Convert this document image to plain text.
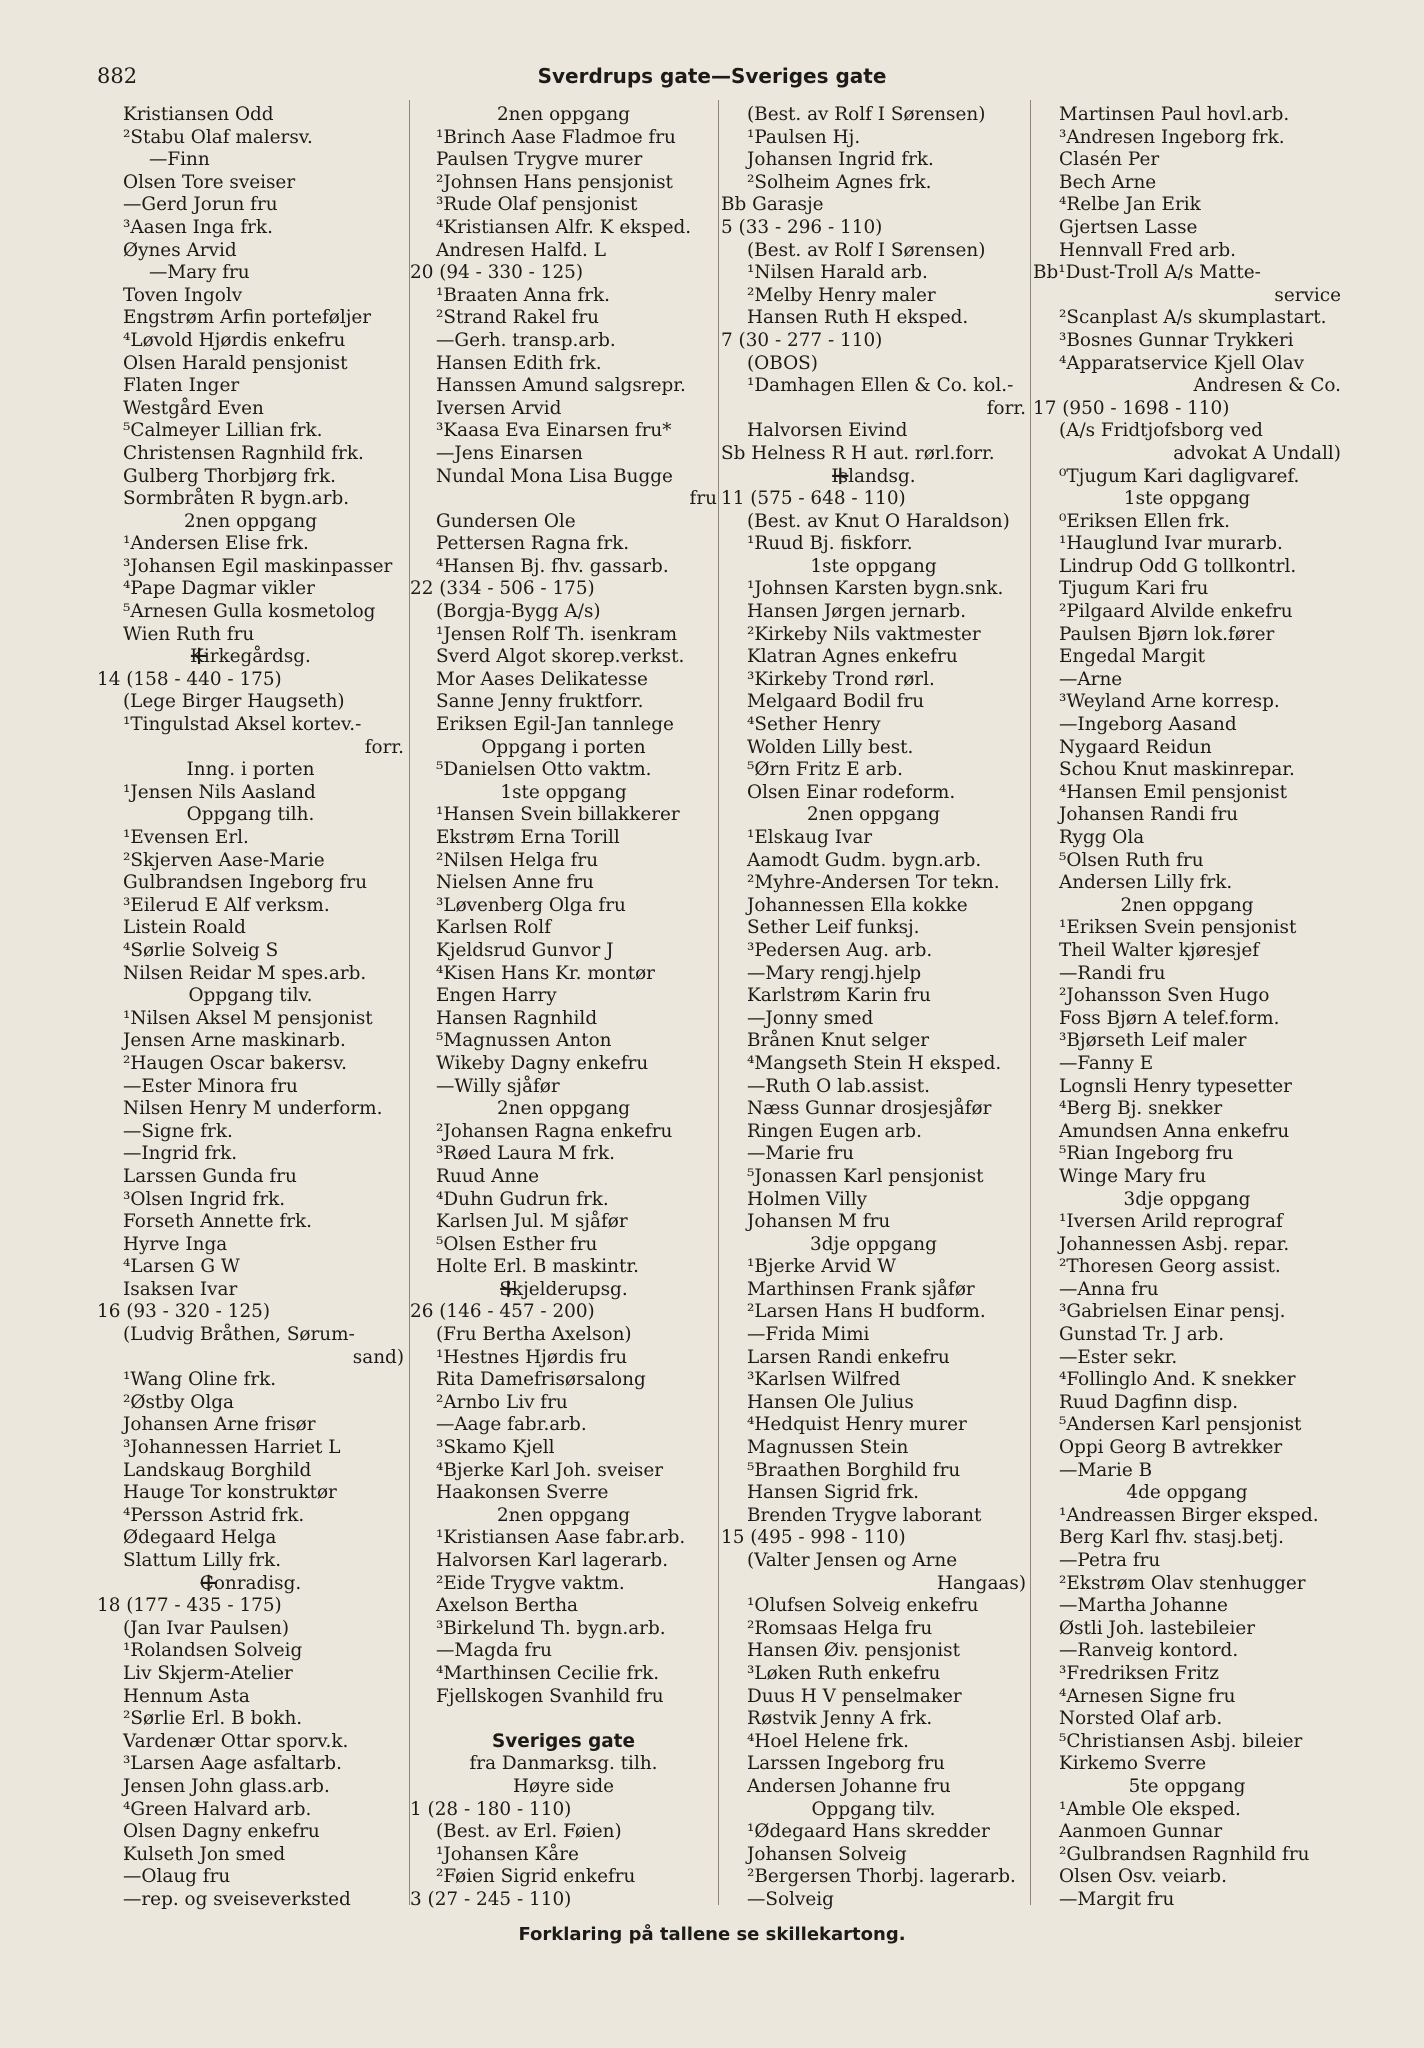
882	Sverdrups gate—Sveriges gate
Kristiansen Odd
²Stabu Olaf malersv.
—Finn
Olsen Tore sveiser
—Gerd Jorun fru
³Aasen Inga frk.
Øynes Arvid
—Mary fru
Toven Ingolv
Engstrøm Arfin porteføljer
⁴Løvold Hjørdis enkefru
Olsen Harald pensjonist
Flaten Inger
Westgård Even
⁵Calmeyer Lillian frk.
Christensen Ragnhild frk.
Gulberg Thorbjørg frk.
Sormbråten R bygn.arb.
2nen oppgang
¹Andersen Elise frk.
³Johansen Egil maskinpasser
⁴Pape Dagmar vikler
⁵Arnesen Gulla kosmetolog
Wien Ruth fru
+ Kirkegårdsg.
14 (158 - 440 - 175)
(Lege Birger Haugseth)
¹Tingulstad Aksel kortev.-
forr.
Inng. i porten
¹Jensen Nils Aasland
Oppgang tilh.
¹Evensen Erl.
²Skjerven Aase-Marie
Gulbrandsen Ingeborg fru
³Eilerud E Alf verksm.
Listein Roald
⁴Sørlie Solveig S
Nilsen Reidar M spes.arb.
Oppgang tilv.
¹Nilsen Aksel M pensjonist
Jensen Arne maskinarb.
²Haugen Oscar bakersv.
—Ester Minora fru
Nilsen Henry M underform.
—Signe frk.
—Ingrid frk.
Larssen Gunda fru
³Olsen Ingrid frk.
Forseth Annette frk.
Hyrve Inga
⁴Larsen G W
Isaksen Ivar
16 (93 - 320 - 125)
(Ludvig Bråthen, Sørum-
sand)
¹Wang Oline frk.
²Østby Olga
Johansen Arne frisør
³Johannessen Harriet L
Landskaug Borghild
Hauge Tor konstruktør
⁴Persson Astrid frk.
Ødegaard Helga
Slattum Lilly frk.
+ Conradisg.
18 (177 - 435 - 175)
(Jan Ivar Paulsen)
¹Rolandsen Solveig
Liv Skjerm-Atelier
Hennum Asta
²Sørlie Erl. B bokh.
Vardenær Ottar sporv.k.
³Larsen Aage asfaltarb.
Jensen John glass.arb.
⁴Green Halvard arb.
Olsen Dagny enkefru
Kulseth Jon smed
—Olaug fru
—rep. og sveiseverksted
2nen oppgang
¹Brinch Aase Fladmoe fru
Paulsen Trygve murer
²Johnsen Hans pensjonist
³Rude Olaf pensjonist
⁴Kristiansen Alfr. K eksped.
Andresen Halfd. L
20 (94 - 330 - 125)
¹Braaten Anna frk.
²Strand Rakel fru
—Gerh. transp.arb.
Hansen Edith frk.
Hanssen Amund salgsrepr.
Iversen Arvid
³Kaasa Eva Einarsen fru*
—Jens Einarsen
Nundal Mona Lisa Bugge
fru
Gundersen Ole
Pettersen Ragna frk.
⁴Hansen Bj. fhv. gassarb.
22 (334 - 506 - 175)
(Borgja-Bygg A/s)
¹Jensen Rolf Th. isenkram
Sverd Algot skorep.verkst.
Mor Aases Delikatesse
Sanne Jenny fruktforr.
Eriksen Egil-Jan tannlege
Oppgang i porten
⁵Danielsen Otto vaktm.
1ste oppgang
¹Hansen Svein billakkerer
Ekstrøm Erna Torill
²Nilsen Helga fru
Nielsen Anne fru
³Løvenberg Olga fru
Karlsen Rolf
Kjeldsrud Gunvor J
⁴Kisen Hans Kr. montør
Engen Harry
Hansen Ragnhild
⁵Magnussen Anton
Wikeby Dagny enkefru
—Willy sjåfør
2nen oppgang
²Johansen Ragna enkefru
³Røed Laura M frk.
Ruud Anne
⁴Duhn Gudrun frk.
Karlsen Jul. M sjåfør
⁵Olsen Esther fru
Holte Erl. B maskintr.
+ Skjelderupsg.
26 (146 - 457 - 200)
(Fru Bertha Axelson)
¹Hestnes Hjørdis fru
Rita Damefrisørsalong
²Arnbo Liv fru
—Aage fabr.arb.
³Skamo Kjell
⁴Bjerke Karl Joh. sveiser
Haakonsen Sverre
2nen oppgang
¹Kristiansen Aase fabr.arb.
Halvorsen Karl lagerarb.
²Eide Trygve vaktm.
Axelson Bertha
³Birkelund Th. bygn.arb.
—Magda fru
⁴Marthinsen Cecilie frk.
Fjellskogen Svanhild fru
Sveriges gate
fra Danmarksg. tilh.
Høyre side
1 (28 - 180 - 110)
(Best. av Erl. Føien)
¹Johansen Kåre
²Føien Sigrid enkefru
3 (27 - 245 - 110)
(Best. av Rolf I Sørensen)
¹Paulsen Hj.
Johansen Ingrid frk.
²Solheim Agnes frk.
Bb Garasje
5 (33 - 296 - 110)
(Best. av Rolf I Sørensen)
¹Nilsen Harald arb.
²Melby Henry maler
Hansen Ruth H eksped.
7 (30 - 277 - 110)
(OBOS)
¹Damhagen Ellen & Co. kol.-
forr.
Halvorsen Eivind
Sb Helness R H aut. rørl.forr.
+ Islandsg.
11 (575 - 648 - 110)
(Best. av Knut O Haraldson)
¹Ruud Bj. fiskforr.
1ste oppgang
¹Johnsen Karsten bygn.snk.
Hansen Jørgen jernarb.
²Kirkeby Nils vaktmester
Klatran Agnes enkefru
³Kirkeby Trond rørl.
Melgaard Bodil fru
⁴Sether Henry
Wolden Lilly best.
⁵Ørn Fritz E arb.
Olsen Einar rodeform.
2nen oppgang
¹Elskaug Ivar
Aamodt Gudm. bygn.arb.
²Myhre-Andersen Tor tekn.
Johannessen Ella kokke
Sether Leif funksj.
³Pedersen Aug. arb.
—Mary rengj.hjelp
Karlstrøm Karin fru
—Jonny smed
Brånen Knut selger
⁴Mangseth Stein H eksped.
—Ruth O lab.assist.
Næss Gunnar drosjesjåfør
Ringen Eugen arb.
—Marie fru
⁵Jonassen Karl pensjonist
Holmen Villy
Johansen M fru
3dje oppgang
¹Bjerke Arvid W
Marthinsen Frank sjåfør
²Larsen Hans H budform.
—Frida Mimi
Larsen Randi enkefru
³Karlsen Wilfred
Hansen Ole Julius
⁴Hedquist Henry murer
Magnussen Stein
⁵Braathen Borghild fru
Hansen Sigrid frk.
Brenden Trygve laborant
15 (495 - 998 - 110)
(Valter Jensen og Arne
Hangaas)
¹Olufsen Solveig enkefru
²Romsaas Helga fru
Hansen Øiv. pensjonist
³Løken Ruth enkefru
Duus H V penselmaker
Røstvik Jenny A frk.
⁴Hoel Helene frk.
Larssen Ingeborg fru
Andersen Johanne fru
Oppgang tilv.
¹Ødegaard Hans skredder
Johansen Solveig
²Bergersen Thorbj. lagerarb.
—Solveig
Martinsen Paul hovl.arb.
³Andresen Ingeborg frk.
Clasén Per
Bech Arne
⁴Relbe Jan Erik
Gjertsen Lasse
Hennvall Fred arb.
Bb¹Dust-Troll A/s Matte-
service
²Scanplast A/s skumplastart.
³Bosnes Gunnar Trykkeri
⁴Apparatservice Kjell Olav
Andresen & Co.
17 (950 - 1698 - 110)
(A/s Fridtjofsborg ved
advokat A Undall)
⁰Tjugum Kari dagligvaref.
1ste oppgang
⁰Eriksen Ellen frk.
¹Hauglund Ivar murarb.
Lindrup Odd G tollkontrl.
Tjugum Kari fru
²Pilgaard Alvilde enkefru
Paulsen Bjørn lok.fører
Engedal Margit
—Arne
³Weyland Arne korresp.
—Ingeborg Aasand
Nygaard Reidun
Schou Knut maskinrepar.
⁴Hansen Emil pensjonist
Johansen Randi fru
Rygg Ola
⁵Olsen Ruth fru
Andersen Lilly frk.
2nen oppgang
¹Eriksen Svein pensjonist
Theil Walter kjøresjef
—Randi fru
²Johansson Sven Hugo
Foss Bjørn A telef.form.
³Bjørseth Leif maler
—Fanny E
Lognsli Henry typesetter
⁴Berg Bj. snekker
Amundsen Anna enkefru
⁵Rian Ingeborg fru
Winge Mary fru
3dje oppgang
¹Iversen Arild reprograf
Johannessen Asbj. repar.
²Thoresen Georg assist.
—Anna fru
³Gabrielsen Einar pensj.
Gunstad Tr. J arb.
—Ester sekr.
⁴Follinglo And. K snekker
Ruud Dagfinn disp.
⁵Andersen Karl pensjonist
Oppi Georg B avtrekker
—Marie B
4de oppgang
¹Andreassen Birger eksped.
Berg Karl fhv. stasj.betj.
—Petra fru
²Ekstrøm Olav stenhugger
—Martha Johanne
Østli Joh. lastebileier
—Ranveig kontord.
³Fredriksen Fritz
⁴Arnesen Signe fru
Norsted Olaf arb.
⁵Christiansen Asbj. bileier
Kirkemo Sverre
5te oppgang
¹Amble Ole eksped.
Aanmoen Gunnar
²Gulbrandsen Ragnhild fru
Olsen Osv. veiarb.
—Margit fru
Forklaring på tallene se skillekartong.
